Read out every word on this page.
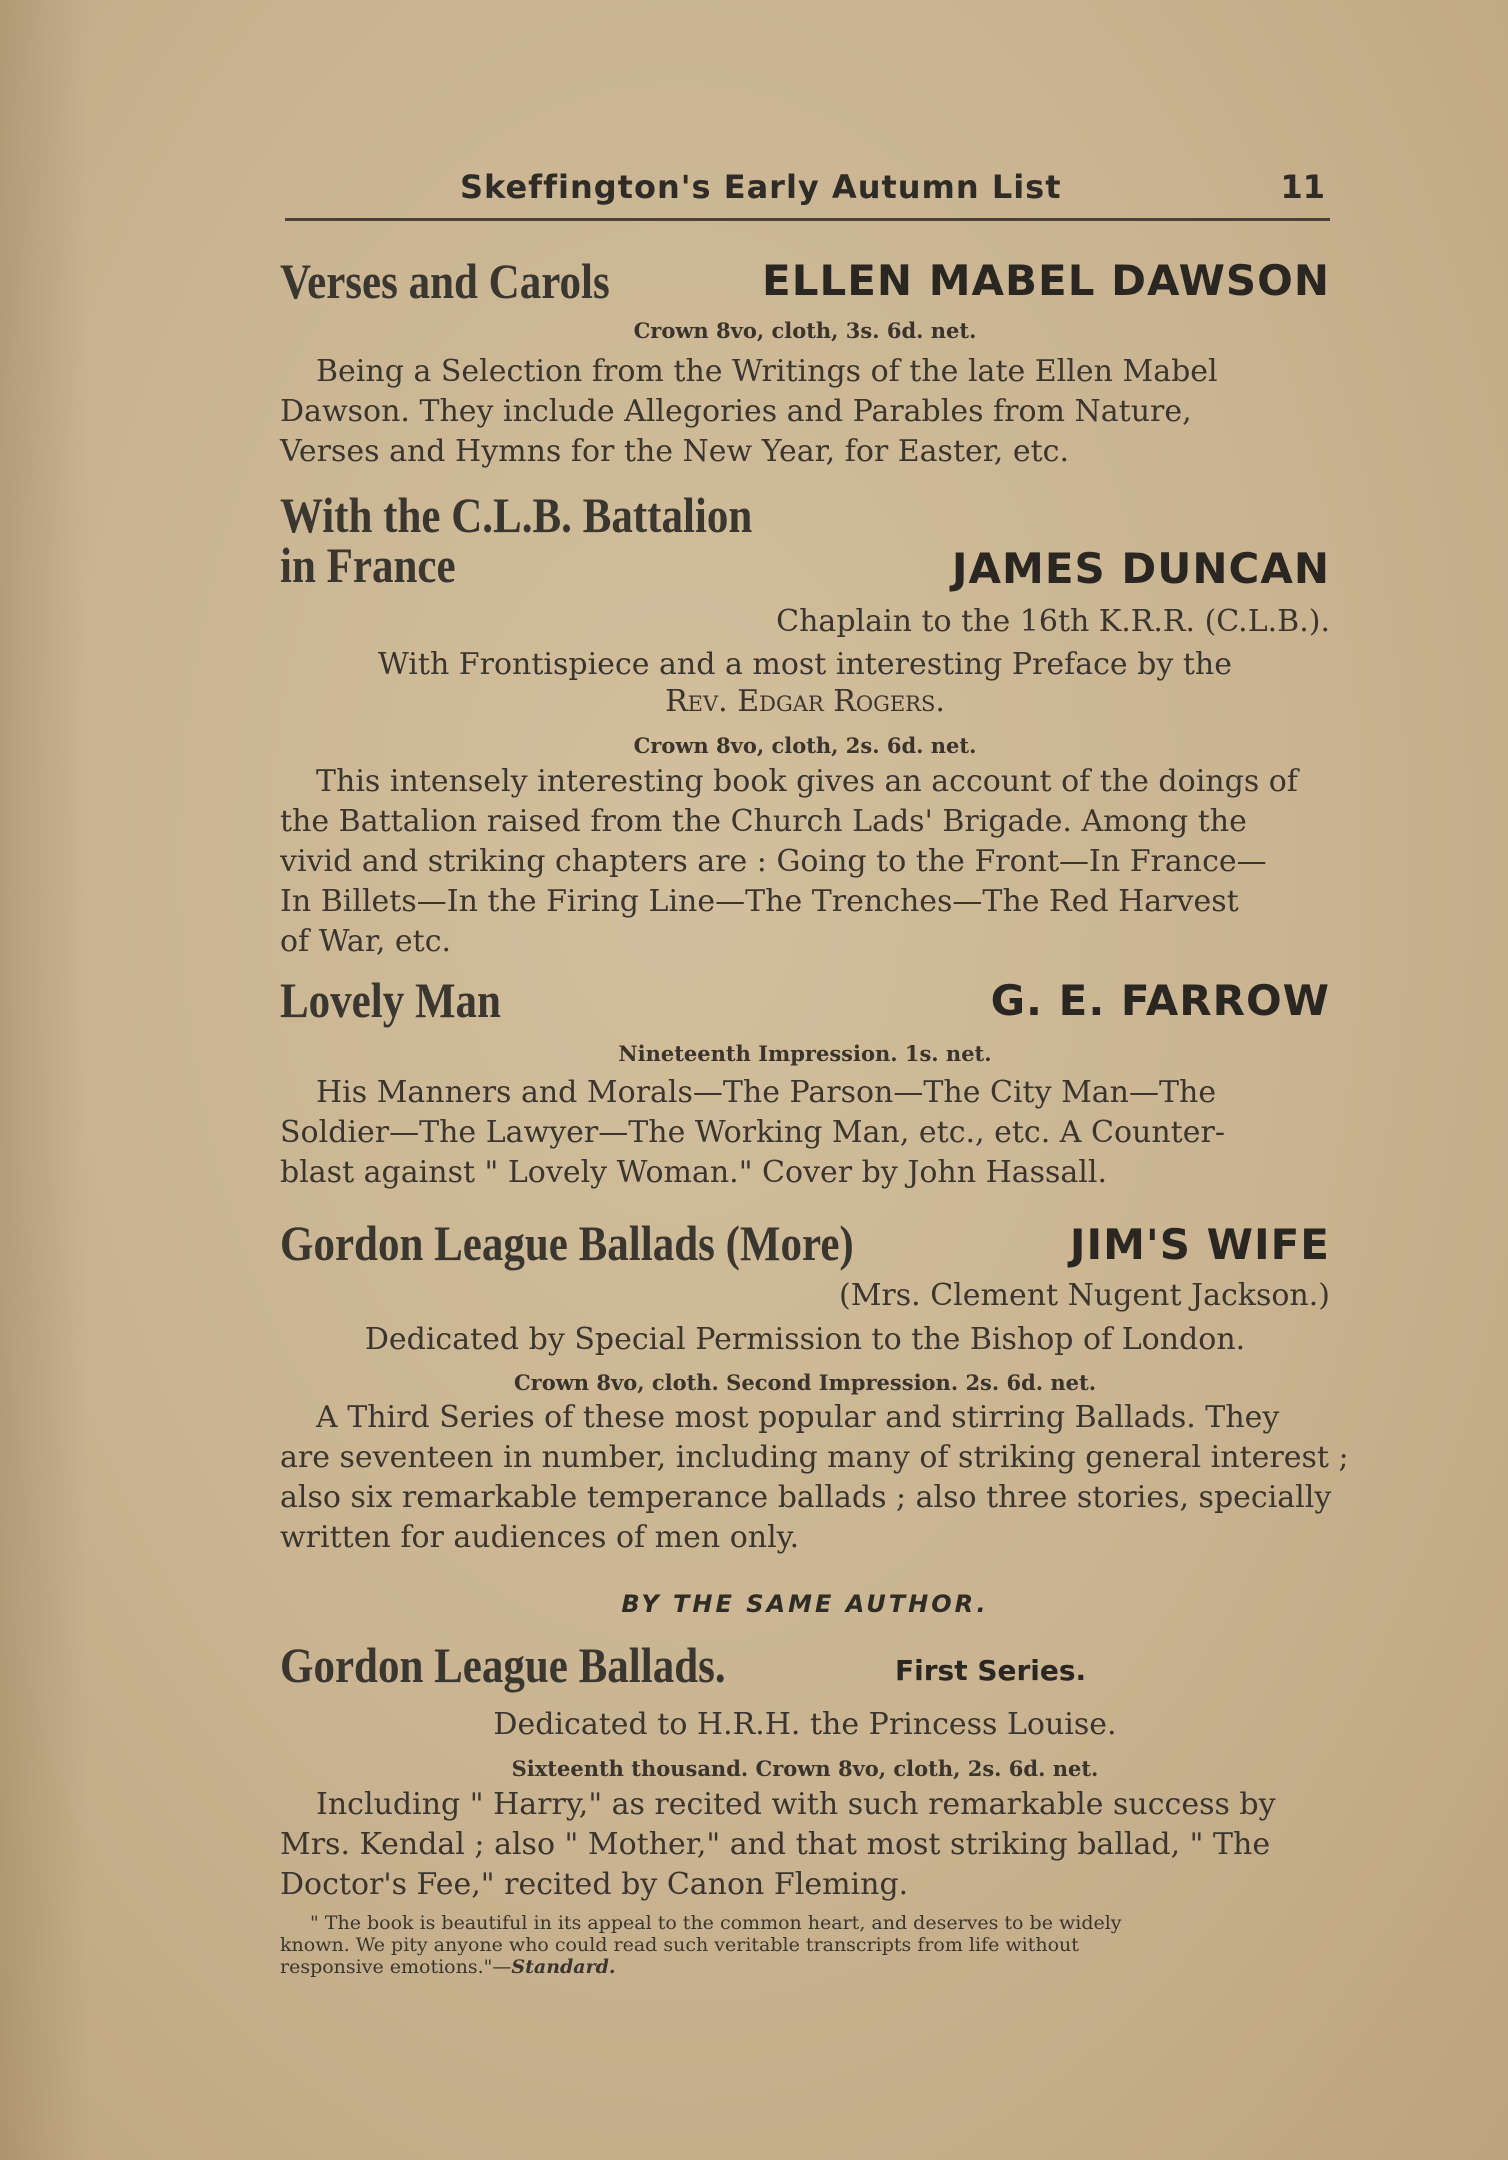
Skeffington's Early Autumn List	11
Verses and Carols	ELLEN MABEL DAWSON
Crown 8vo, cloth, 3s. 6d. net.
Being a Selection from the Writings of the late Ellen Mabel
Dawson. They include Allegories and Parables from Nature,
Verses and Hymns for the New Year, for Easter, etc.
With the C.L.B. Battalion
in France	JAMES DUNCAN
Chaplain to the 16th K.R.R. (C.L.B.).
With Frontispiece and a most interesting Preface by the
Rev. Edgar Rogers.
Crown 8vo, cloth, 2s. 6d. net.
This intensely interesting book gives an account of the doings of
the Battalion raised from the Church Lads' Brigade. Among the
vivid and striking chapters are : Going to the Front—In France—
In Billets—In the Firing Line—The Trenches—The Red Harvest
of War, etc.
Lovely Man	G. E. FARROW
Nineteenth Impression. 1s. net.
His Manners and Morals—The Parson—The City Man—The
Soldier—The Lawyer—The Working Man, etc., etc. A Counter-
blast against " Lovely Woman." Cover by John Hassall.
Gordon League Ballads (More)	JIM'S WIFE
(Mrs. Clement Nugent Jackson.)
Dedicated by Special Permission to the Bishop of London.
Crown 8vo, cloth. Second Impression. 2s. 6d. net.
A Third Series of these most popular and stirring Ballads. They
are seventeen in number, including many of striking general interest ;
also six remarkable temperance ballads ; also three stories, specially
written for audiences of men only.
BY THE SAME AUTHOR.
Gordon League Ballads.	First Series.
Dedicated to H.R.H. the Princess Louise.
Sixteenth thousand. Crown 8vo, cloth, 2s. 6d. net.
Including " Harry," as recited with such remarkable success by
Mrs. Kendal ; also " Mother," and that most striking ballad, " The
Doctor's Fee," recited by Canon Fleming.
" The book is beautiful in its appeal to the common heart, and deserves to be widely
known. We pity anyone who could read such veritable transcripts from life without
responsive emotions."—Standard.
